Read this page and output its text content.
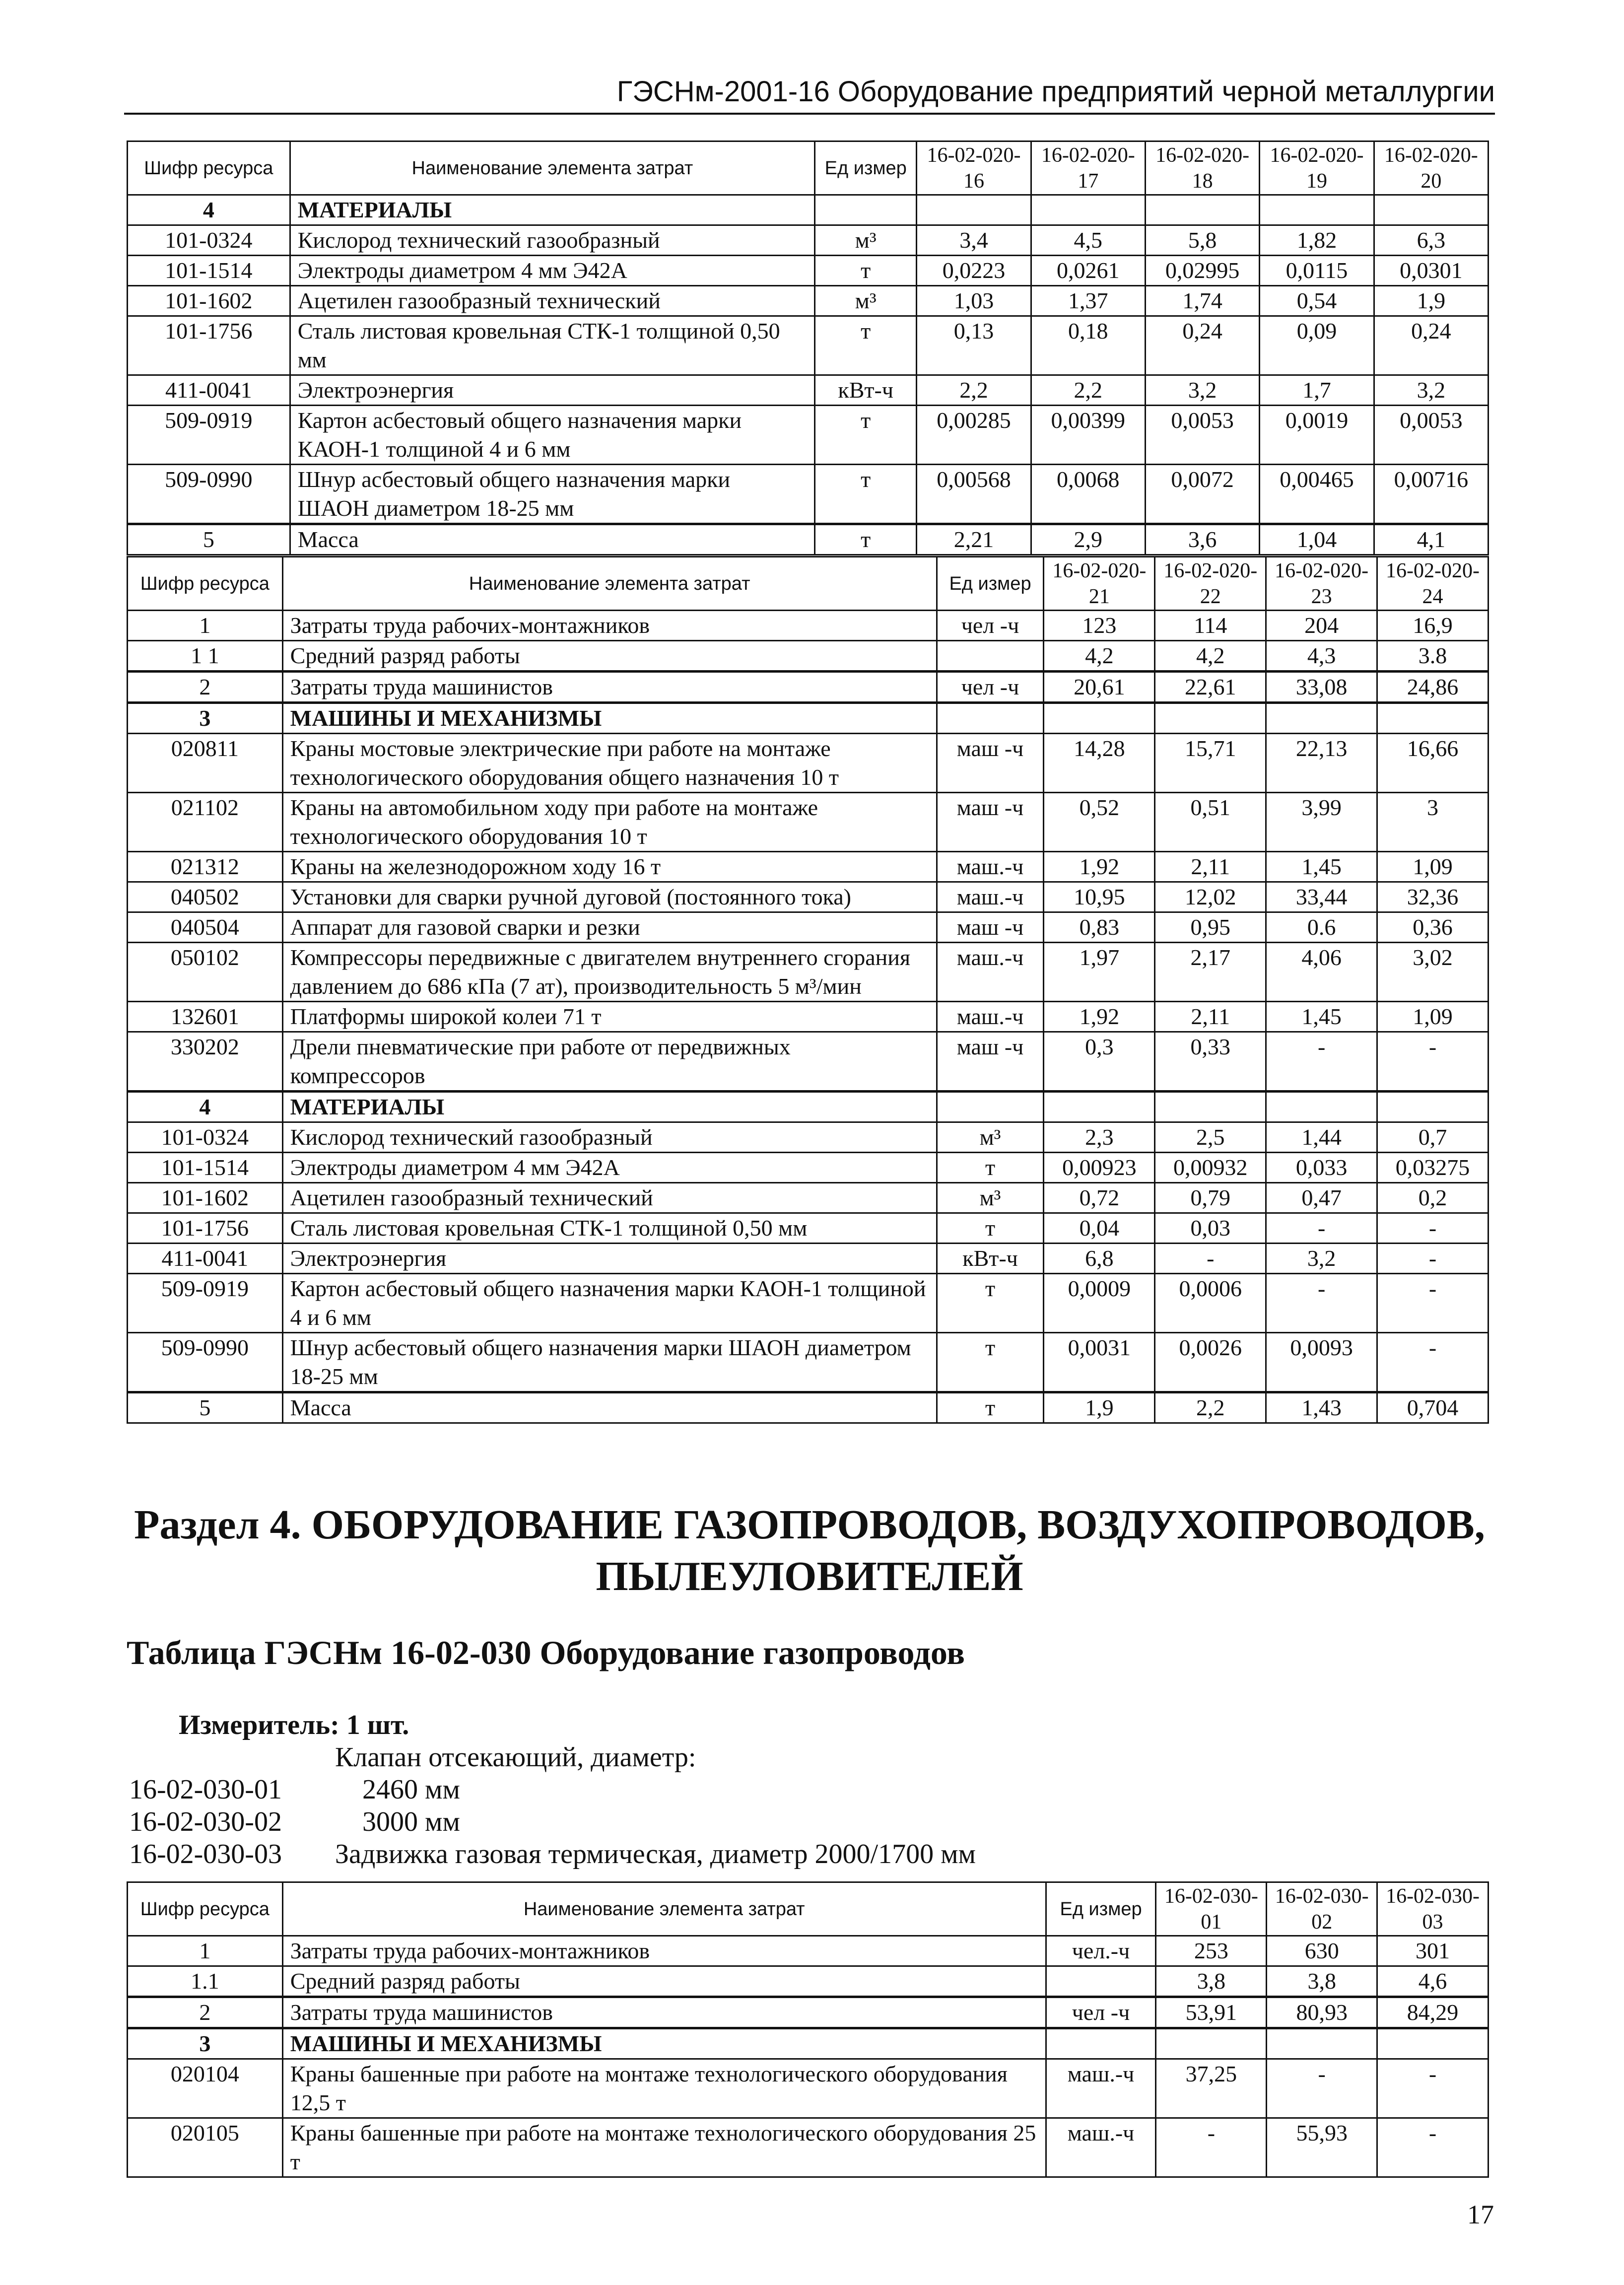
ГЭСНм-2001-16 Оборудование предприятий черной металлургии
Шифр ресурса	Наименование элемента затрат	Ед измер	16-02-020-16	16-02-020-17	16-02-020-18	16-02-020-19	16-02-020-20
4	МАТЕРИАЛЫ						
101-0324	Кислород технический газообразный	м³	3,4	4,5	5,8	1,82	6,3
101-1514	Электроды диаметром 4 мм Э42А	т	0,0223	0,0261	0,02995	0,0115	0,0301
101-1602	Ацетилен газообразный технический	м³	1,03	1,37	1,74	0,54	1,9
101-1756	Сталь листовая кровельная СТК-1 толщиной 0,50 мм	т	0,13	0,18	0,24	0,09	0,24
411-0041	Электроэнергия	кВт-ч	2,2	2,2	3,2	1,7	3,2
509-0919	Картон асбестовый общего назначения марки КАОН-1 толщиной 4 и 6 мм	т	0,00285	0,00399	0,0053	0,0019	0,0053
509-0990	Шнур асбестовый общего назначения марки ШАОН диаметром 18-25 мм	т	0,00568	0,0068	0,0072	0,00465	0,00716
5	Масса	т	2,21	2,9	3,6	1,04	4,1
Шифр ресурса	Наименование элемента затрат	Ед измер	16-02-020-21	16-02-020-22	16-02-020-23	16-02-020-24
1	Затраты труда рабочих-монтажников	чел -ч	123	114	204	16,9
1 1	Средний разряд работы		4,2	4,2	4,3	3.8
2	Затраты труда машинистов	чел -ч	20,61	22,61	33,08	24,86
3	МАШИНЫ И МЕХАНИЗМЫ					
020811	Краны мостовые электрические при работе на монтаже технологического оборудования общего назначения 10 т	маш -ч	14,28	15,71	22,13	16,66
021102	Краны на автомобильном ходу при работе на монтаже технологического оборудования 10 т	маш -ч	0,52	0,51	3,99	3
021312	Краны на железнодорожном ходу 16 т	маш.-ч	1,92	2,11	1,45	1,09
040502	Установки для сварки ручной дуговой (постоянного тока)	маш.-ч	10,95	12,02	33,44	32,36
040504	Аппарат для газовой сварки и резки	маш -ч	0,83	0,95	0.6	0,36
050102	Компрессоры передвижные с двигателем внутреннего сгорания давлением до 686 кПа (7 ат), производительность 5 м³/мин	маш.-ч	1,97	2,17	4,06	3,02
132601	Платформы широкой колеи 71 т	маш.-ч	1,92	2,11	1,45	1,09
330202	Дрели пневматические при работе от передвижных компрессоров	маш -ч	0,3	0,33	-	-
4	МАТЕРИАЛЫ					
101-0324	Кислород технический газообразный	м³	2,3	2,5	1,44	0,7
101-1514	Электроды диаметром 4 мм Э42А	т	0,00923	0,00932	0,033	0,03275
101-1602	Ацетилен газообразный технический	м³	0,72	0,79	0,47	0,2
101-1756	Сталь листовая кровельная СТК-1 толщиной 0,50 мм	т	0,04	0,03	-	-
411-0041	Электроэнергия	кВт-ч	6,8	-	3,2	-
509-0919	Картон асбестовый общего назначения марки КАОН-1 толщиной 4 и 6 мм	т	0,0009	0,0006	-	-
509-0990	Шнур асбестовый общего назначения марки ШАОН диаметром 18-25 мм	т	0,0031	0,0026	0,0093	-
5	Масса	т	1,9	2,2	1,43	0,704
Раздел 4. ОБОРУДОВАНИЕ ГАЗОПРОВОДОВ, ВОЗДУХОПРОВОДОВ, ПЫЛЕУЛОВИТЕЛЕЙ
Таблица ГЭСНм 16-02-030 Оборудование газопроводов
Измеритель: 1 шт.
Клапан отсекающий, диаметр:
16-02-030-01	2460 мм
16-02-030-02	3000 мм
16-02-030-03 Задвижка газовая термическая, диаметр 2000/1700 мм
Шифр ресурса	Наименование элемента затрат	Ед измер	16-02-030-01	16-02-030-02	16-02-030-03
1	Затраты труда рабочих-монтажников	чел.-ч	253	630	301
1.1	Средний разряд работы		3,8	3,8	4,6
2	Затраты труда машинистов	чел -ч	53,91	80,93	84,29
3	МАШИНЫ И МЕХАНИЗМЫ				
020104	Краны башенные при работе на монтаже технологического оборудования 12,5 т	маш.-ч	37,25	-	-
020105	Краны башенные при работе на монтаже технологического оборудования 25 т	маш.-ч	-	55,93	-
17
